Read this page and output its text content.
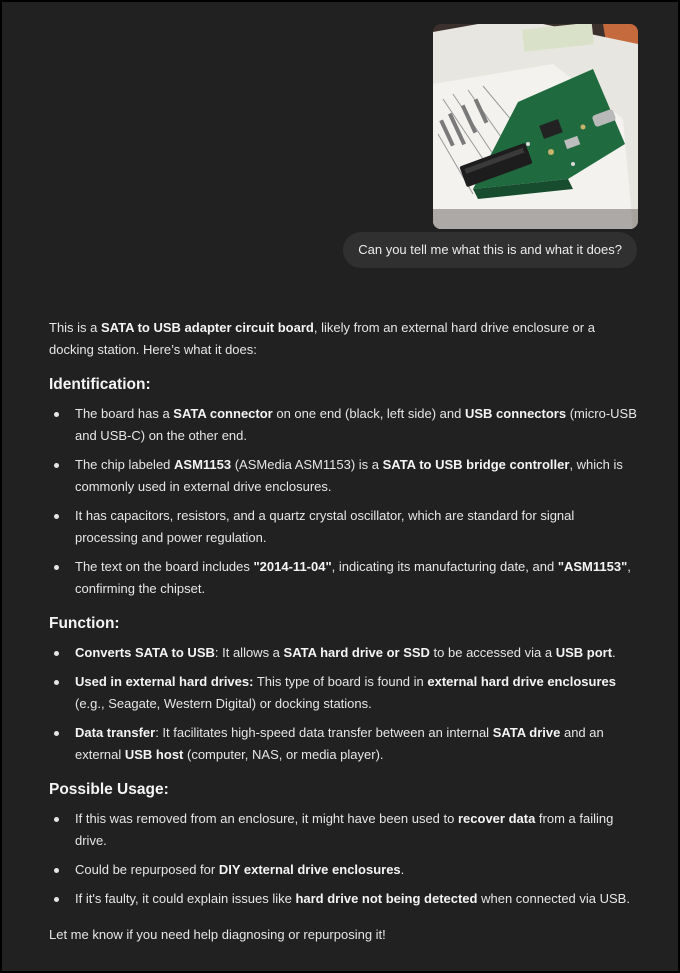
Can you tell me what this is and what it does?

This is a SATA to USB adapter circuit board, likely from an external hard drive enclosure or a docking station. Here’s what it does:

Identification:
The board has a SATA connector on one end (black, left side) and USB connectors (micro-USB and USB-C) on the other end.
The chip labeled ASM1153 (ASMedia ASM1153) is a SATA to USB bridge controller, which is commonly used in external drive enclosures.
It has capacitors, resistors, and a quartz crystal oscillator, which are standard for signal processing and power regulation.
The text on the board includes "2014-11-04", indicating its manufacturing date, and "ASM1153", confirming the chipset.
Function:
Converts SATA to USB: It allows a SATA hard drive or SSD to be accessed via a USB port.
Used in external hard drives: This type of board is found in external hard drive enclosures (e.g., Seagate, Western Digital) or docking stations.
Data transfer: It facilitates high-speed data transfer between an internal SATA drive and an external USB host (computer, NAS, or media player).
Possible Usage:
If this was removed from an enclosure, it might have been used to recover data from a failing drive.
Could be repurposed for DIY external drive enclosures.
If it's faulty, it could explain issues like hard drive not being detected when connected via USB.

Let me know if you need help diagnosing or repurposing it!
